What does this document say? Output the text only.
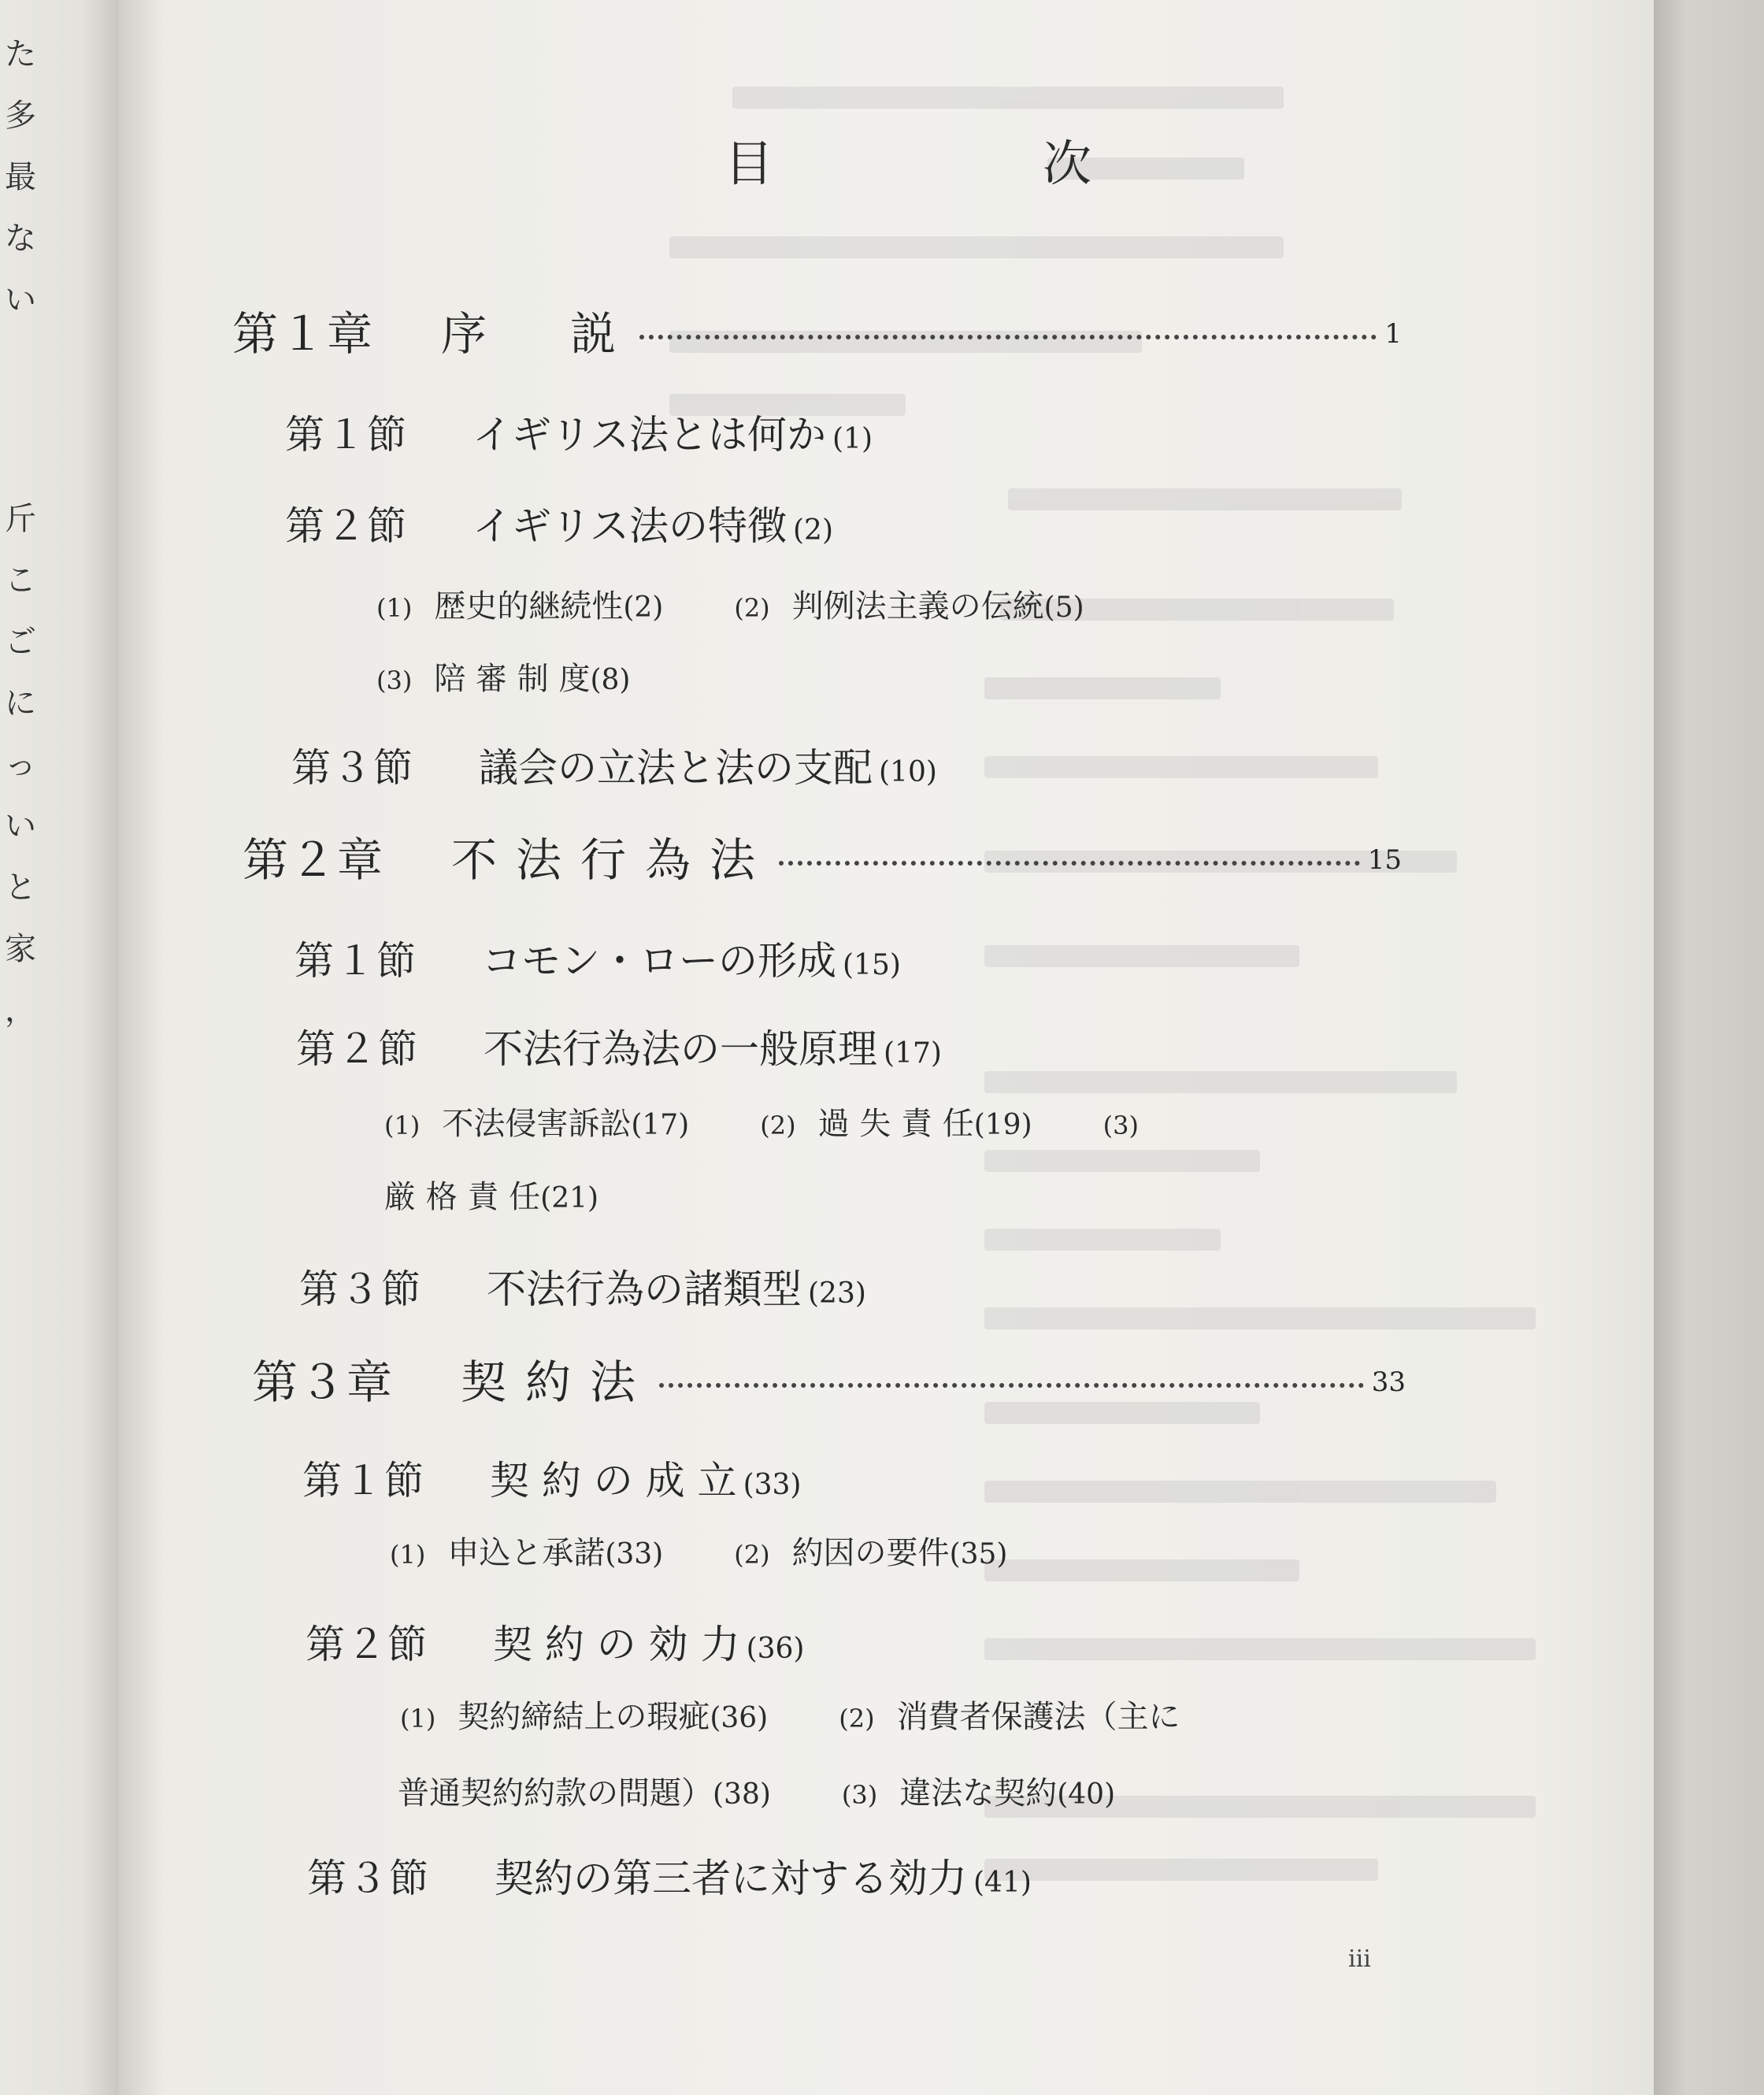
た
多
最
な
い
斤
こ
ご
に
っ
い
と
家
，
目　次
第１章	序　説	1
第１節 イギリス法とは何か (1)
第２節 イギリス法の特徴 (2)
(1) 歴史的継続性(2)	(2) 判例法主義の伝統(5)
(3) 陪 審 制 度(8)
第３節 議会の立法と法の支配 (10)
第２章	不法行為法	15
第１節 コモン・ローの形成 (15)
第２節 不法行為法の一般原理 (17)
(1) 不法侵害訴訟(17)	(2) 過 失 責 任(19)	(3)
厳 格 責 任(21)
第３節 不法行為の諸類型 (23)
第３章	契約法	33
第１節 契 約 の 成 立 (33)
(1) 申込と承諾(33)	(2) 約因の要件(35)
第２節 契 約 の 効 力 (36)
(1) 契約締結上の瑕疵(36)	(2) 消費者保護法（主に
普通契約約款の問題）(38)	(3) 違法な契約(40)
第３節 契約の第三者に対する効力 (41)
iii
